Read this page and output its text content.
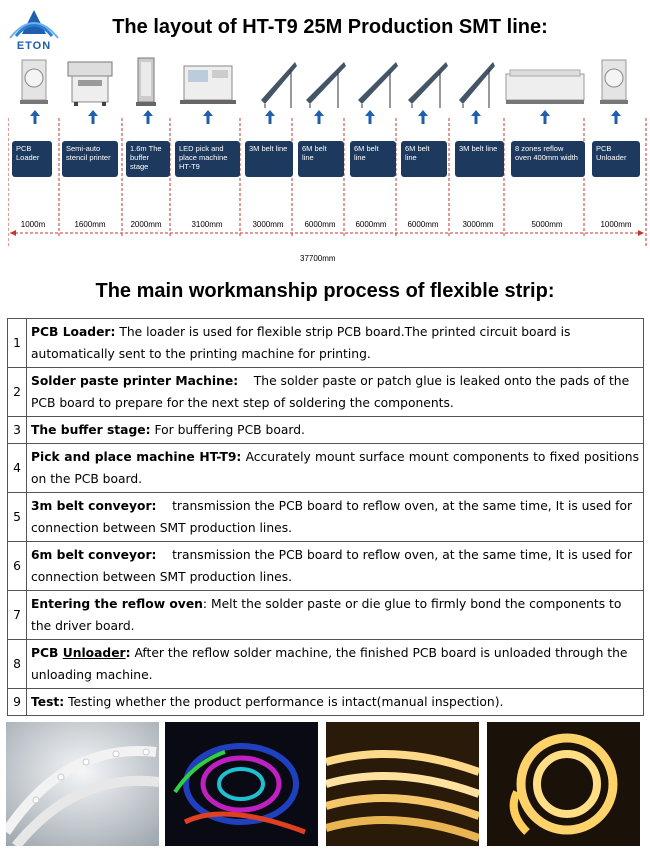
ETON
The layout of HT-T9 25M Production SMT line:
PCB Loader
Semi-auto stencil printer
1.6m The buffer stage
LED pick and place machine HT-T9
3M belt line	6M belt line
6M belt line
6M belt line
3M belt line	8 zones reflow oven 400mm width
PCB Unloader
1000m	1600mm	2000mm	3100mm	3000mm	6000mm	6000mm	6000mm	3000mm	5000mm	1000mm
37700mm
The main workmanship process of flexible strip:
1	PCB Loader: The loader is used for flexible strip PCB board.The printed circuit board is automatically sent to the printing machine for printing.
2	Solder paste printer Machine:    The solder paste or patch glue is leaked onto the pads of the PCB board to prepare for the next step of soldering the components.
3	The buffer stage: For buffering PCB board.
4	Pick and place machine HT-T9: Accurately mount surface mount components to fixed positions on the PCB board.
5	3m belt conveyor:    transmission the PCB board to reflow oven, at the same time, It is used for connection between SMT production lines.
6	6m belt conveyor:    transmission the PCB board to reflow oven, at the same time, It is used for connection between SMT production lines.
7	Entering the reflow oven: Melt the solder paste or die glue to firmly bond the components to the driver board.
8	PCB Unloader: After the reflow solder machine, the finished PCB board is unloaded through the unloading machine.
9	Test: Testing whether the product performance is intact(manual inspection).
